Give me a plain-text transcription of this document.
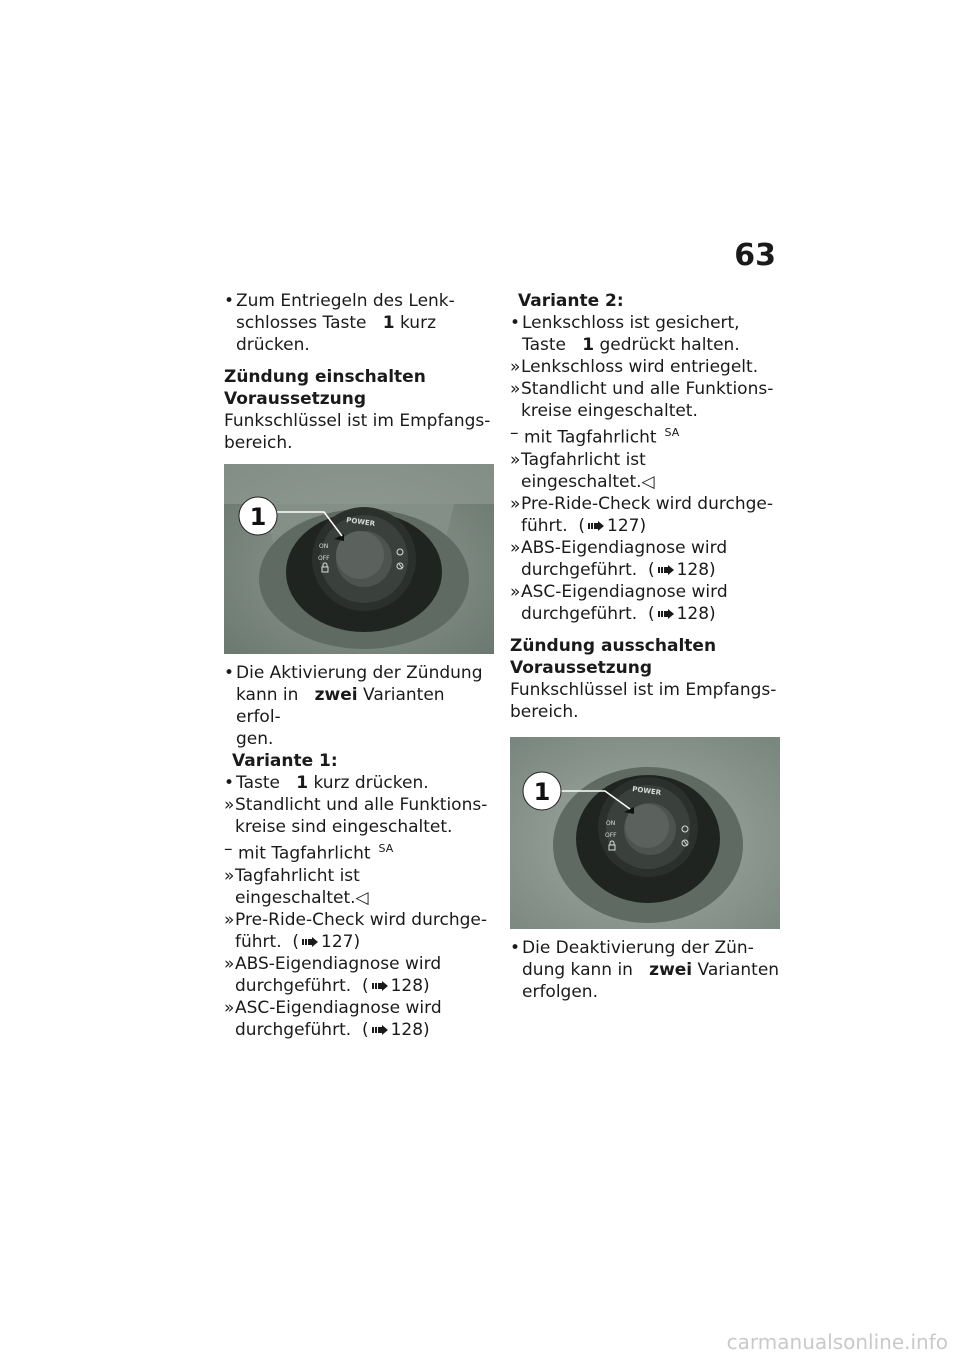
63
• Zum Entriegeln des Lenk-
schlosses Taste 1 kurz
drücken.
Zündung einschalten
Voraussetzung

Funkschlüssel ist im Empfangs-

bereich.

POWER
ON
OFF
1
• Die Aktivierung der Zündung
kann in zwei Varianten erfol-
gen.
Variante 1:
• Taste 1 kurz drücken.
» Standlicht und alle Funktions-
kreise sind eingeschaltet.
– mit Tagfahrlicht $^{SA}$
» Tagfahrlicht ist
eingeschaltet.◁
» Pre-Ride-Check wird durchge-
führt. ( 127)
» ABS-Eigendiagnose wird
durchgeführt. ( 128)
» ASC-Eigendiagnose wird
durchgeführt. ( 128)
Variante 2:
• Lenkschloss ist gesichert,
Taste 1 gedrückt halten.
» Lenkschloss wird entriegelt.
» Standlicht und alle Funktions-
kreise eingeschaltet.
– mit Tagfahrlicht $^{SA}$
» Tagfahrlicht ist
eingeschaltet.◁
» Pre-Ride-Check wird durchge-
führt. ( 127)
» ABS-Eigendiagnose wird
durchgeführt. ( 128)
» ASC-Eigendiagnose wird
durchgeführt. ( 128)
Zündung ausschalten
Voraussetzung

Funkschlüssel ist im Empfangs-

bereich.

POWER
ON
OFF
1
• Die Deaktivierung der Zün-
dung kann in zwei Varianten
erfolgen.
carmanualsonline.info
